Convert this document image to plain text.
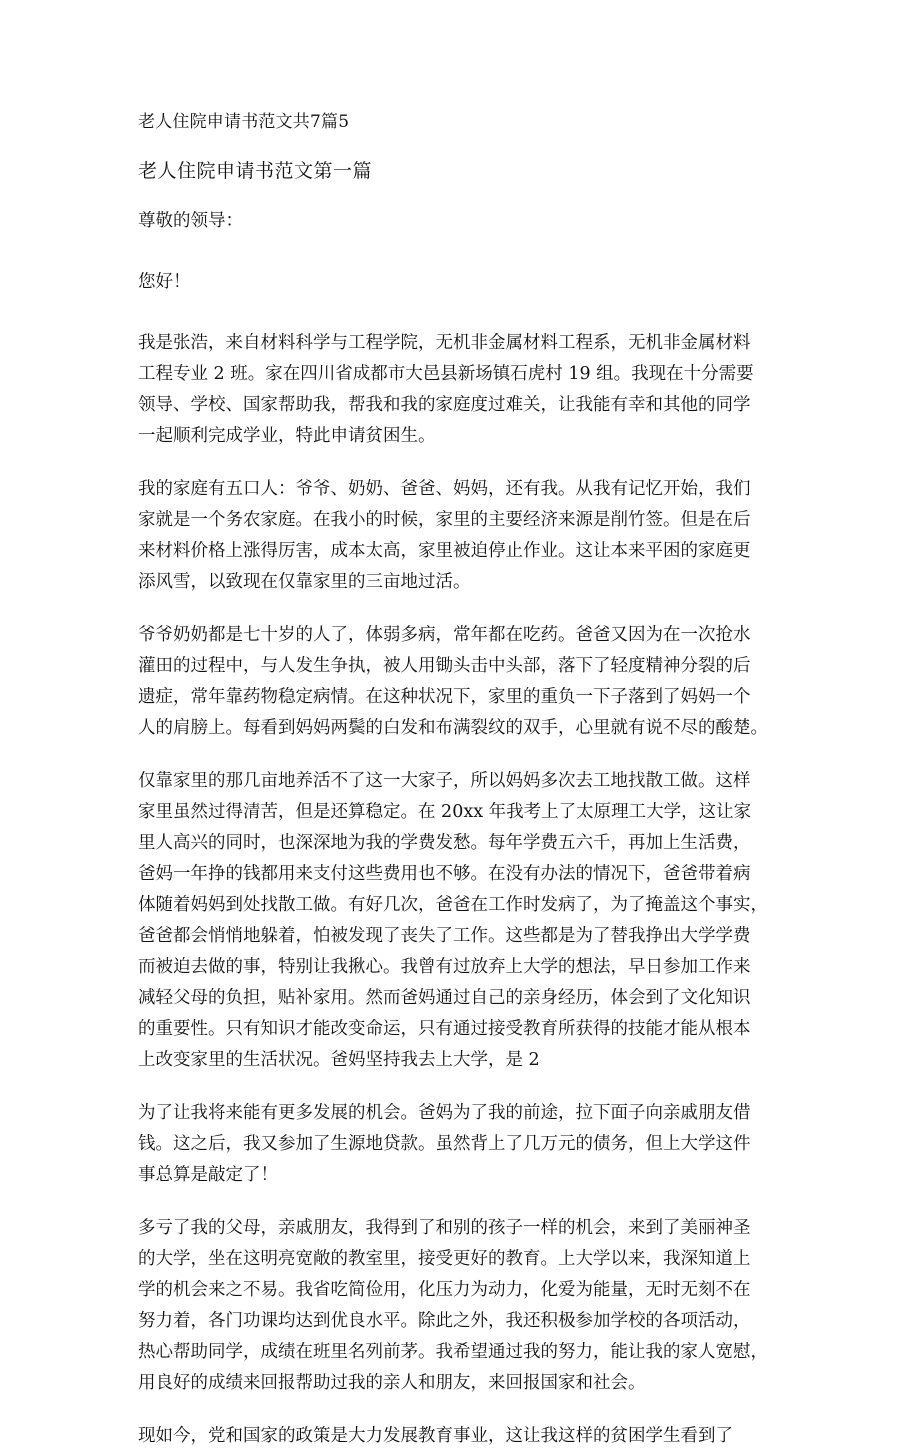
老人住院申请书范文共7篇5
老人住院申请书范文第一篇
尊敬的领导：
您好！
我是张浩，来自材料科学与工程学院，无机非金属材料工程系，无机非金属材料
工程专业 2 班。家在四川省成都市大邑县新场镇石虎村 19 组。我现在十分需要
领导、学校、国家帮助我，帮我和我的家庭度过难关，让我能有幸和其他的同学
一起顺利完成学业，特此申请贫困生。
我的家庭有五口人：爷爷、奶奶、爸爸、妈妈，还有我。从我有记忆开始，我们
家就是一个务农家庭。在我小的时候，家里的主要经济来源是削竹签。但是在后
来材料价格上涨得厉害，成本太高，家里被迫停止作业。这让本来平困的家庭更
添风雪，以致现在仅靠家里的三亩地过活。
爷爷奶奶都是七十岁的人了，体弱多病，常年都在吃药。爸爸又因为在一次抢水
灌田的过程中，与人发生争执，被人用锄头击中头部，落下了轻度精神分裂的后
遗症，常年靠药物稳定病情。在这种状况下，家里的重负一下子落到了妈妈一个
人的肩膀上。每看到妈妈两鬓的白发和布满裂纹的双手，心里就有说不尽的酸楚。
仅靠家里的那几亩地养活不了这一大家子，所以妈妈多次去工地找散工做。这样
家里虽然过得清苦，但是还算稳定。在 20xx 年我考上了太原理工大学，这让家
里人高兴的同时，也深深地为我的学费发愁。每年学费五六千，再加上生活费，
爸妈一年挣的钱都用来支付这些费用也不够。在没有办法的情况下，爸爸带着病
体随着妈妈到处找散工做。有好几次，爸爸在工作时发病了，为了掩盖这个事实，
爸爸都会悄悄地躲着，怕被发现了丧失了工作。这些都是为了替我挣出大学学费
而被迫去做的事，特别让我揪心。我曾有过放弃上大学的想法，早日参加工作来
减轻父母的负担，贴补家用。然而爸妈通过自己的亲身经历，体会到了文化知识
的重要性。只有知识才能改变命运，只有通过接受教育所获得的技能才能从根本
上改变家里的生活状况。爸妈坚持我去上大学，是 2
为了让我将来能有更多发展的机会。爸妈为了我的前途，拉下面子向亲戚朋友借
钱。这之后，我又参加了生源地贷款。虽然背上了几万元的债务，但上大学这件
事总算是敲定了！
多亏了我的父母，亲戚朋友，我得到了和别的孩子一样的机会，来到了美丽神圣
的大学，坐在这明亮宽敞的教室里，接受更好的教育。上大学以来，我深知道上
学的机会来之不易。我省吃简俭用，化压力为动力，化爱为能量，无时无刻不在
努力着，各门功课均达到优良水平。除此之外，我还积极参加学校的各项活动，
热心帮助同学，成绩在班里名列前茅。我希望通过我的努力，能让我的家人宽慰，
用良好的成绩来回报帮助过我的亲人和朋友，来回报国家和社会。
现如今，党和国家的政策是大力发展教育事业，这让我这样的贫困学生看到了
